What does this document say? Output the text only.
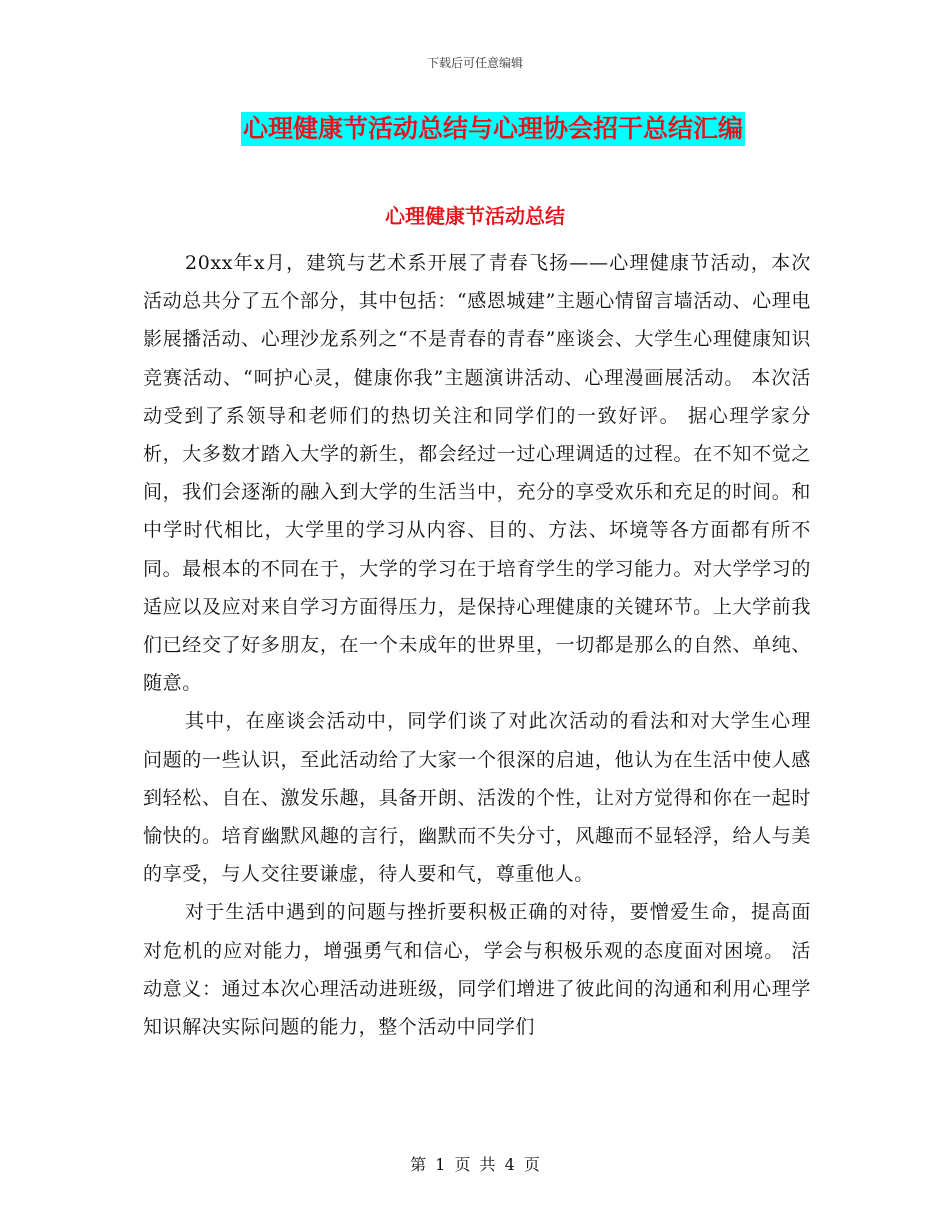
下载后可任意编辑
心理健康节活动总结与心理协会招干总结汇编
心理健康节活动总结

20xx年x月，建筑与艺术系开展了青春飞扬——心理健康节活动，本次活动总共分了五个部分，其中包括：“感恩城建”主题心情留言墙活动、心理电影展播活动、心理沙龙系列之“不是青春的青春”座谈会、大学生心理健康知识竞赛活动、“呵护心灵，健康你我”主题演讲活动、心理漫画展活动。 本次活动受到了系领导和老师们的热切关注和同学们的一致好评。 据心理学家分析，大多数才踏入大学的新生，都会经过一过心理调适的过程。在不知不觉之间，我们会逐渐的融入到大学的生活当中，充分的享受欢乐和充足的时间。和中学时代相比，大学里的学习从内容、目的、方法、坏境等各方面都有所不同。最根本的不同在于，大学的学习在于培育学生的学习能力。对大学学习的适应以及应对来自学习方面得压力，是保持心理健康的关键环节。上大学前我们已经交了好多朋友，在一个未成年的世界里，一切都是那么的自然、单纯、随意。

其中，在座谈会活动中，同学们谈了对此次活动的看法和对大学生心理问题的一些认识，至此活动给了大家一个很深的启迪，他认为在生活中使人感到轻松、自在、激发乐趣，具备开朗、活泼的个性，让对方觉得和你在一起时愉快的。培育幽默风趣的言行，幽默而不失分寸，风趣而不显轻浮，给人与美的享受，与人交往要谦虚，待人要和气，尊重他人。

对于生活中遇到的问题与挫折要积极正确的对待，要憎爱生命，提高面对危机的应对能力，增强勇气和信心，学会与积极乐观的态度面对困境。 活动意义：通过本次心理活动进班级，同学们增进了彼此间的沟通和利用心理学知识解决实际问题的能力，整个活动中同学们

第 1 页 共 4 页
